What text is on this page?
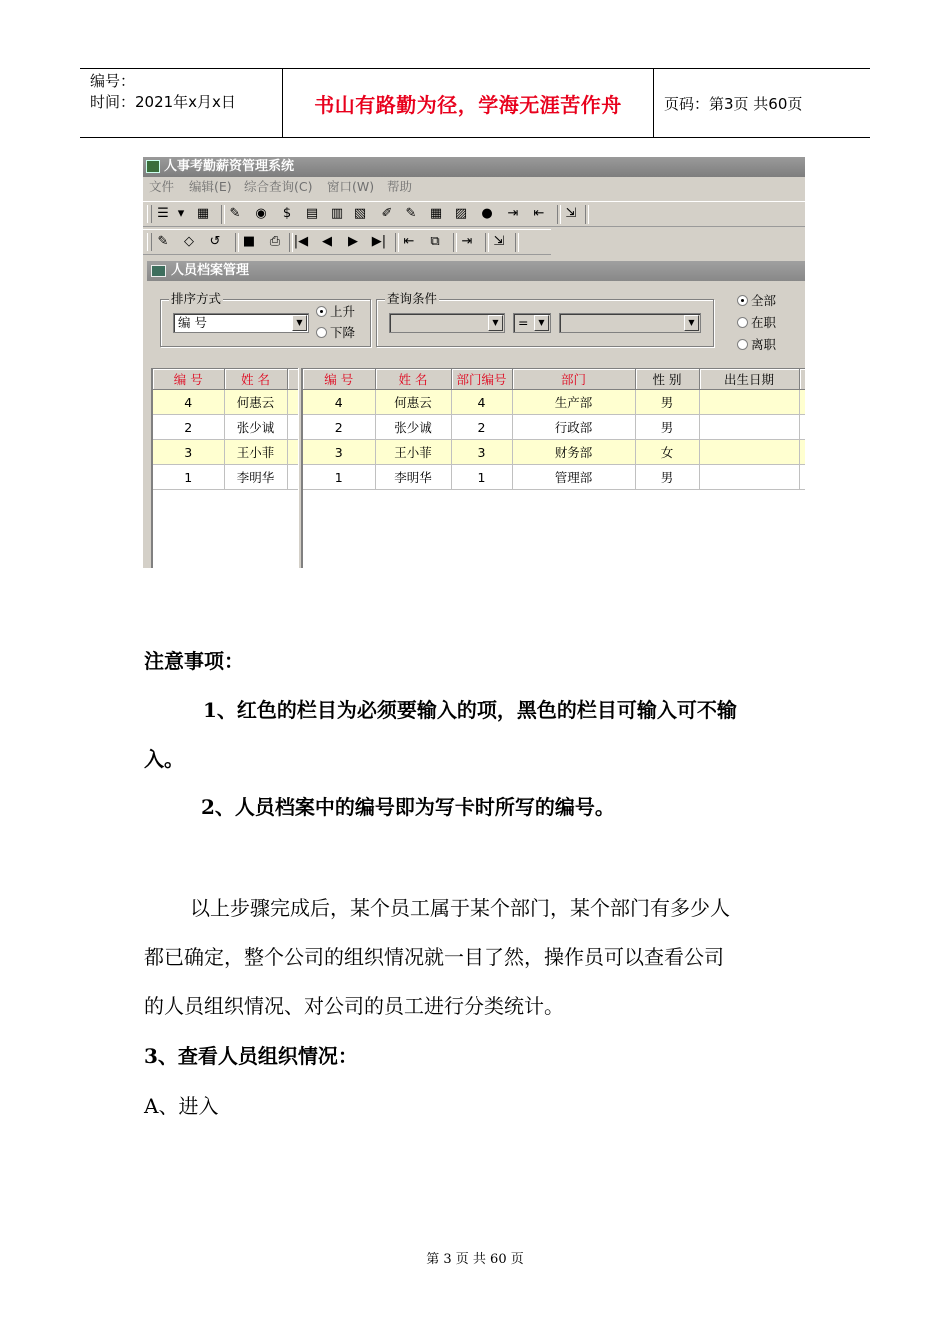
编号：
时间：2021年x月x日	书山有路勤为径，学海无涯苦作舟	页码：第3页 共60页
人事考勤薪资管理系统
文件 编辑(E) 综合查询(C) 窗口(W) 帮助
☰ ▾ ▦ ✎ ◉ $ ▤ ▥ ▧ ✐ ✎ ▦ ▨ ● ⇥ ⇤ ⇲
✎ ◇ ↺ ■ ⎙ |◀ ◀ ▶ ▶| ⇤ ⧉ ⇥ ⇲
人员档案管理
排序方式
编 号	▼
上升
下降
查询条件
▼	=	▼	▼
全部
在职
离职
编 号	姓 名	
4	何惠云	
2	张少诚	
3	王小菲	
1	李明华	
编 号	姓 名	部门编号	部门	性 别	出生日期	
4	何惠云	4	生产部	男		
2	张少诚	2	行政部	男		
3	王小菲	3	财务部	女		
1	李明华	1	管理部	男		
注意事项：
1、红色的栏目为必须要输入的项，黑色的栏目可输入可不输
入。
2、人员档案中的编号即为写卡时所写的编号。
以上步骤完成后，某个员工属于某个部门，某个部门有多少人
都已确定，整个公司的组织情况就一目了然，操作员可以查看公司
的人员组织情况、对公司的员工进行分类统计。
3、查看人员组织情况：
A、进入
第 3 页 共 60 页
